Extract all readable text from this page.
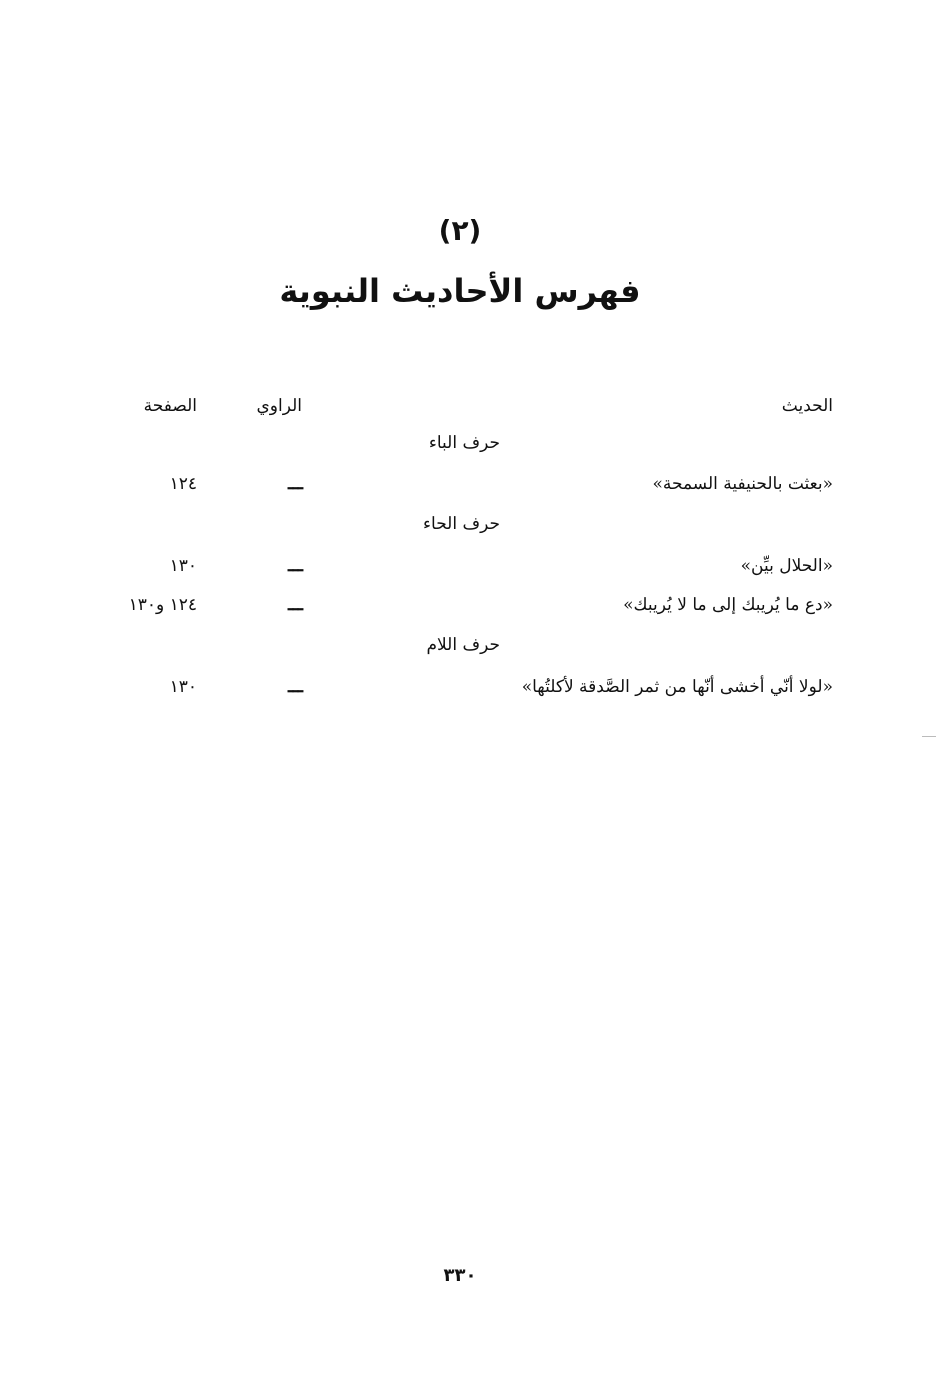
(٢)
فهرس الأحاديث النبوية
الحديث
الراوي
الصفحة
حرف الباء
«بعثت بالحنيفية السمحة»
ـــ
١٢٤
حرف الحاء
«الحلال بيِّن»
ـــ
١٣٠
«دع ما يُريبك إلى ما لا يُريبك»
ـــ
١٢٤ و١٣٠
حرف اللام
«لولا أنّي أخشى أنّها من ثمر الصَّدقة لأكلتُها»
ـــ
١٣٠
٣٣٠
